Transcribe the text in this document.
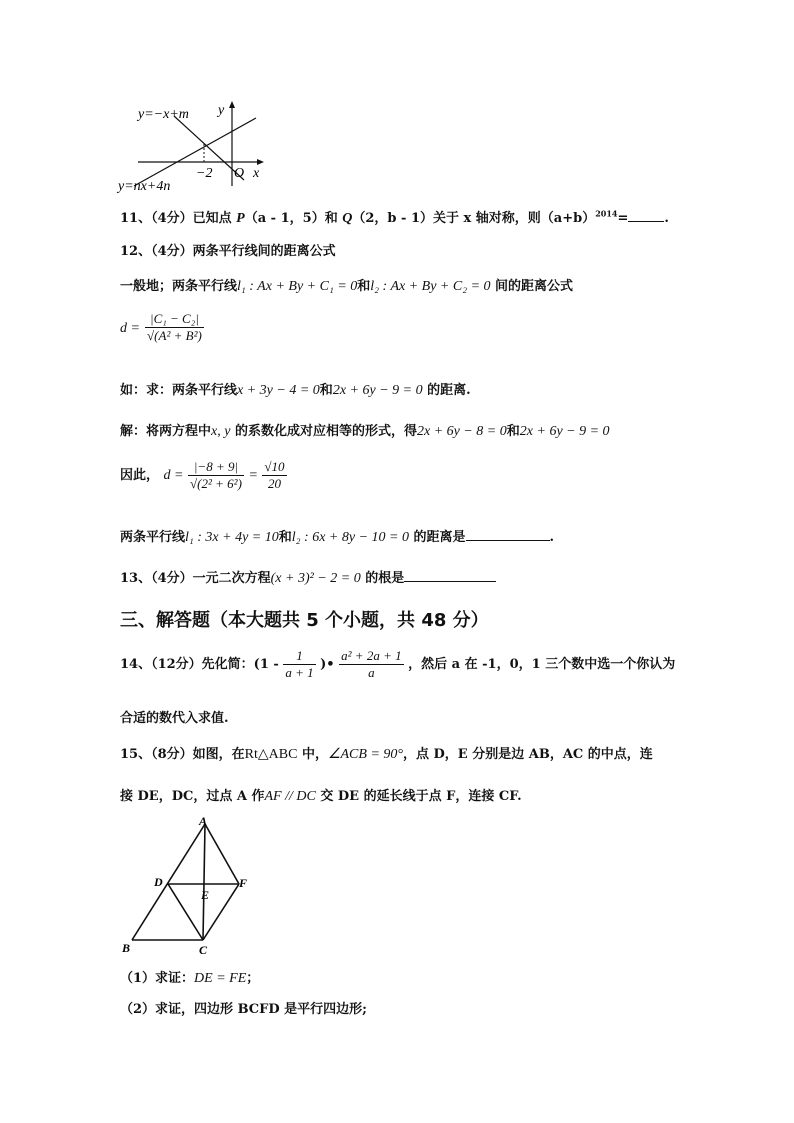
y=−x+m
y=nx+4n
y
x
O
−2
11、（4分）已知点 P（a - 1，5）和 Q（2，b - 1）关于 x 轴对称，则$(a+b)^{2014}=$	.
12、（4分）两条平行线间的距离公式
一般地；两条平行线l₁ : Ax + By + C₁ = 0和l₂ : Ax + By + C₂ = 0 间的距离公式
$d = \frac{\text{|C₁ − C₂|}}{\text{√(A² + B²)}}$
如：求：两条平行线x + 3y − 4 = 0和2x + 6y − 9 = 0 的距离.
解：将两方程中x, y 的系数化成对应相等的形式，得2x + 6y − 8 = 0和2x + 6y − 9 = 0
因此， $d = \frac{|-8 + 9|}{\text{√(2² + 6²)}} = \frac{√10}{20}$
两条平行线l₁ : 3x + 4y = 10和l₂ : 6x + 8y − 10 = 0 的距离是	.
13、（4分）一元二次方程(x + 3)² − 2 = 0 的根是
三、解答题（本大题共 5 个小题，共 48 分）
14、（12分）先化简：($1 - \frac{1}{a + 1}$ )• $\frac{\text{a² + 2a + 1}}{a}$ ，然后 a 在 -1，0，1 三个数中选一个你认为
合适的数代入求值.
15、（8分）如图，在Rt△ABC 中，∠ACB = 90°，点 D，E 分别是边 AB，AC 的中点，连
接 DE，DC，过点 A 作AF // DC 交 DE 的延长线于点 F，连接 CF.
A
B	C
D
E
F
（1）求证：DE = FE；
（2）求证，四边形 BCFD 是平行四边形;
